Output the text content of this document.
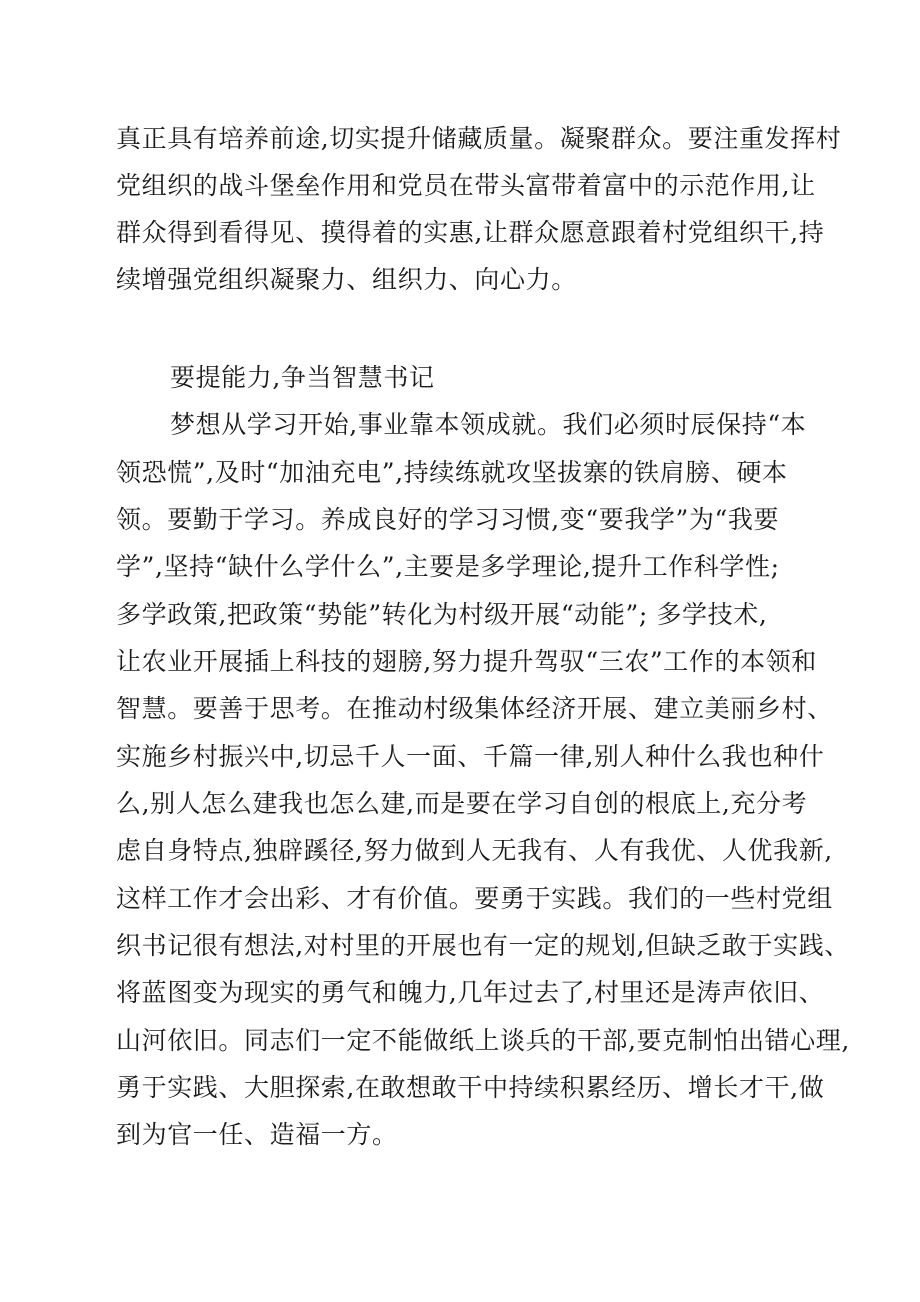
真正具有培养前途,切实提升储藏质量。凝聚群众。要注重发挥村
党组织的战斗堡垒作用和党员在带头富带着富中的示范作用,让
群众得到看得见、摸得着的实惠,让群众愿意跟着村党组织干,持
续增强党组织凝聚力、组织力、向心力。
要提能力,争当智慧书记
梦想从学习开始,事业靠本领成就。我们必须时辰保持“本
领恐慌”,及时“加油充电”,持续练就攻坚拔寨的铁肩膀、硬本
领。要勤于学习。养成良好的学习习惯,变“要我学”为“我要
学”,坚持“缺什么学什么”,主要是多学理论,提升工作科学性;
多学政策,把政策“势能”转化为村级开展“动能”; 多学技术,
让农业开展插上科技的翅膀,努力提升驾驭“三农”工作的本领和
智慧。要善于思考。在推动村级集体经济开展、建立美丽乡村、
实施乡村振兴中,切忌千人一面、千篇一律,别人种什么我也种什
么,别人怎么建我也怎么建,而是要在学习自创的根底上,充分考
虑自身特点,独辟蹊径,努力做到人无我有、人有我优、人优我新,
这样工作才会出彩、才有价值。要勇于实践。我们的一些村党组
织书记很有想法,对村里的开展也有一定的规划,但缺乏敢于实践、
将蓝图变为现实的勇气和魄力,几年过去了,村里还是涛声依旧、
山河依旧。同志们一定不能做纸上谈兵的干部,要克制怕出错心理,
勇于实践、大胆探索,在敢想敢干中持续积累经历、增长才干,做
到为官一任、造福一方。
